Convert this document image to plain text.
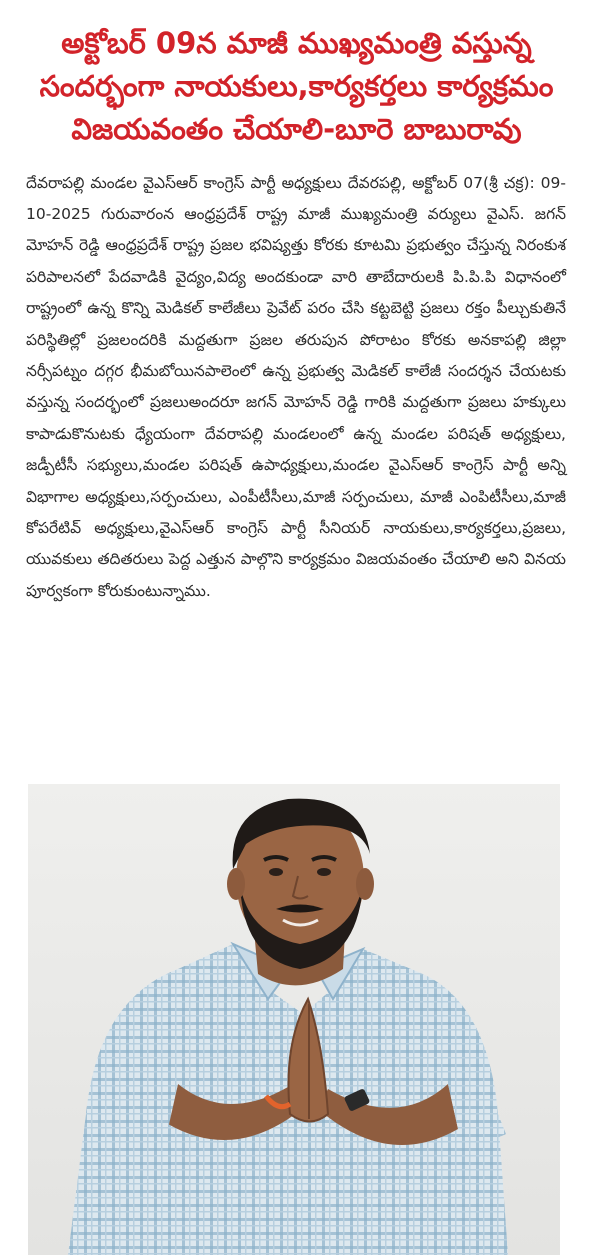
అక్టోబర్ 09న మాజీ ముఖ్యమంత్రి వస్తున్న
సందర్భంగా నాయకులు,కార్యకర్తలు కార్యక్రమం
విజయవంతం చేయాలి-బూరె బాబురావు

దేవరాపల్లి మండల వైఎస్ఆర్ కాంగ్రెస్ పార్టీ అధ్యక్షులు దేవరపల్లి, అక్టోబర్ 07(శ్రీ చక్ర): 09-10-2025 గురువారంన ఆంధ్రప్రదేశ్ రాష్ట్ర మాజీ ముఖ్యమంత్రి వర్యులు వైఎస్. జగన్ మోహన్ రెడ్డి ఆంధ్రప్రదేశ్ రాష్ట్ర ప్రజల భవిష్యత్తు కోరకు కూటమి ప్రభుత్వం చేస్తున్న నిరంకుశ పరిపాలనలో పేదవాడికి వైద్యం,విద్య అందకుండా వారి తాబేదారులకి పి.పి.పి విధానంలో రాష్ట్రంలో ఉన్న కొన్ని మెడికల్ కాలేజీలు ప్రెవేట్ పరం చేసి కట్టబెట్టి ప్రజలు రక్తం పీల్చుకుతినే పరిస్థితిల్లో ప్రజలందరికి మద్దతుగా ప్రజల తరుపున పోరాటం కోరకు అనకాపల్లి జిల్లా నర్సీపట్నం దగ్గర భీమబోయినపాలెంలో ఉన్న ప్రభుత్వ మెడికల్ కాలేజీ సందర్శన చేయటకు వస్తున్న సందర్భంలో ప్రజలుఅందరూ జగన్ మోహన్ రెడ్డి గారికి మద్దతుగా ప్రజలు హక్కులు కాపాడుకొనుటకు ధ్యేయంగా దేవరాపల్లి మండలంలో ఉన్న మండల పరిషత్ అధ్యక్షులు, జడ్పీటీసీ సభ్యులు,మండల పరిషత్ ఉపాధ్యక్షులు,మండల వైఎస్ఆర్ కాంగ్రెస్ పార్టీ అన్ని విభాగాల అధ్యక్షులు,సర్పంచులు, ఎంపీటీసీలు,మాజీ సర్పంచులు, మాజీ ఎంపిటీసీలు,మాజీ కోపరేటివ్ అధ్యక్షులు,వైఎస్ఆర్ కాంగ్రెస్ పార్టీ సీనియర్ నాయకులు,కార్యకర్తలు,ప్రజలు, యువకులు తదితరులు పెద్ద ఎత్తున పాల్గొని కార్యక్రమం విజయవంతం చేయాలి అని వినయ పూర్వకంగా కోరుకుంటున్నాము.
